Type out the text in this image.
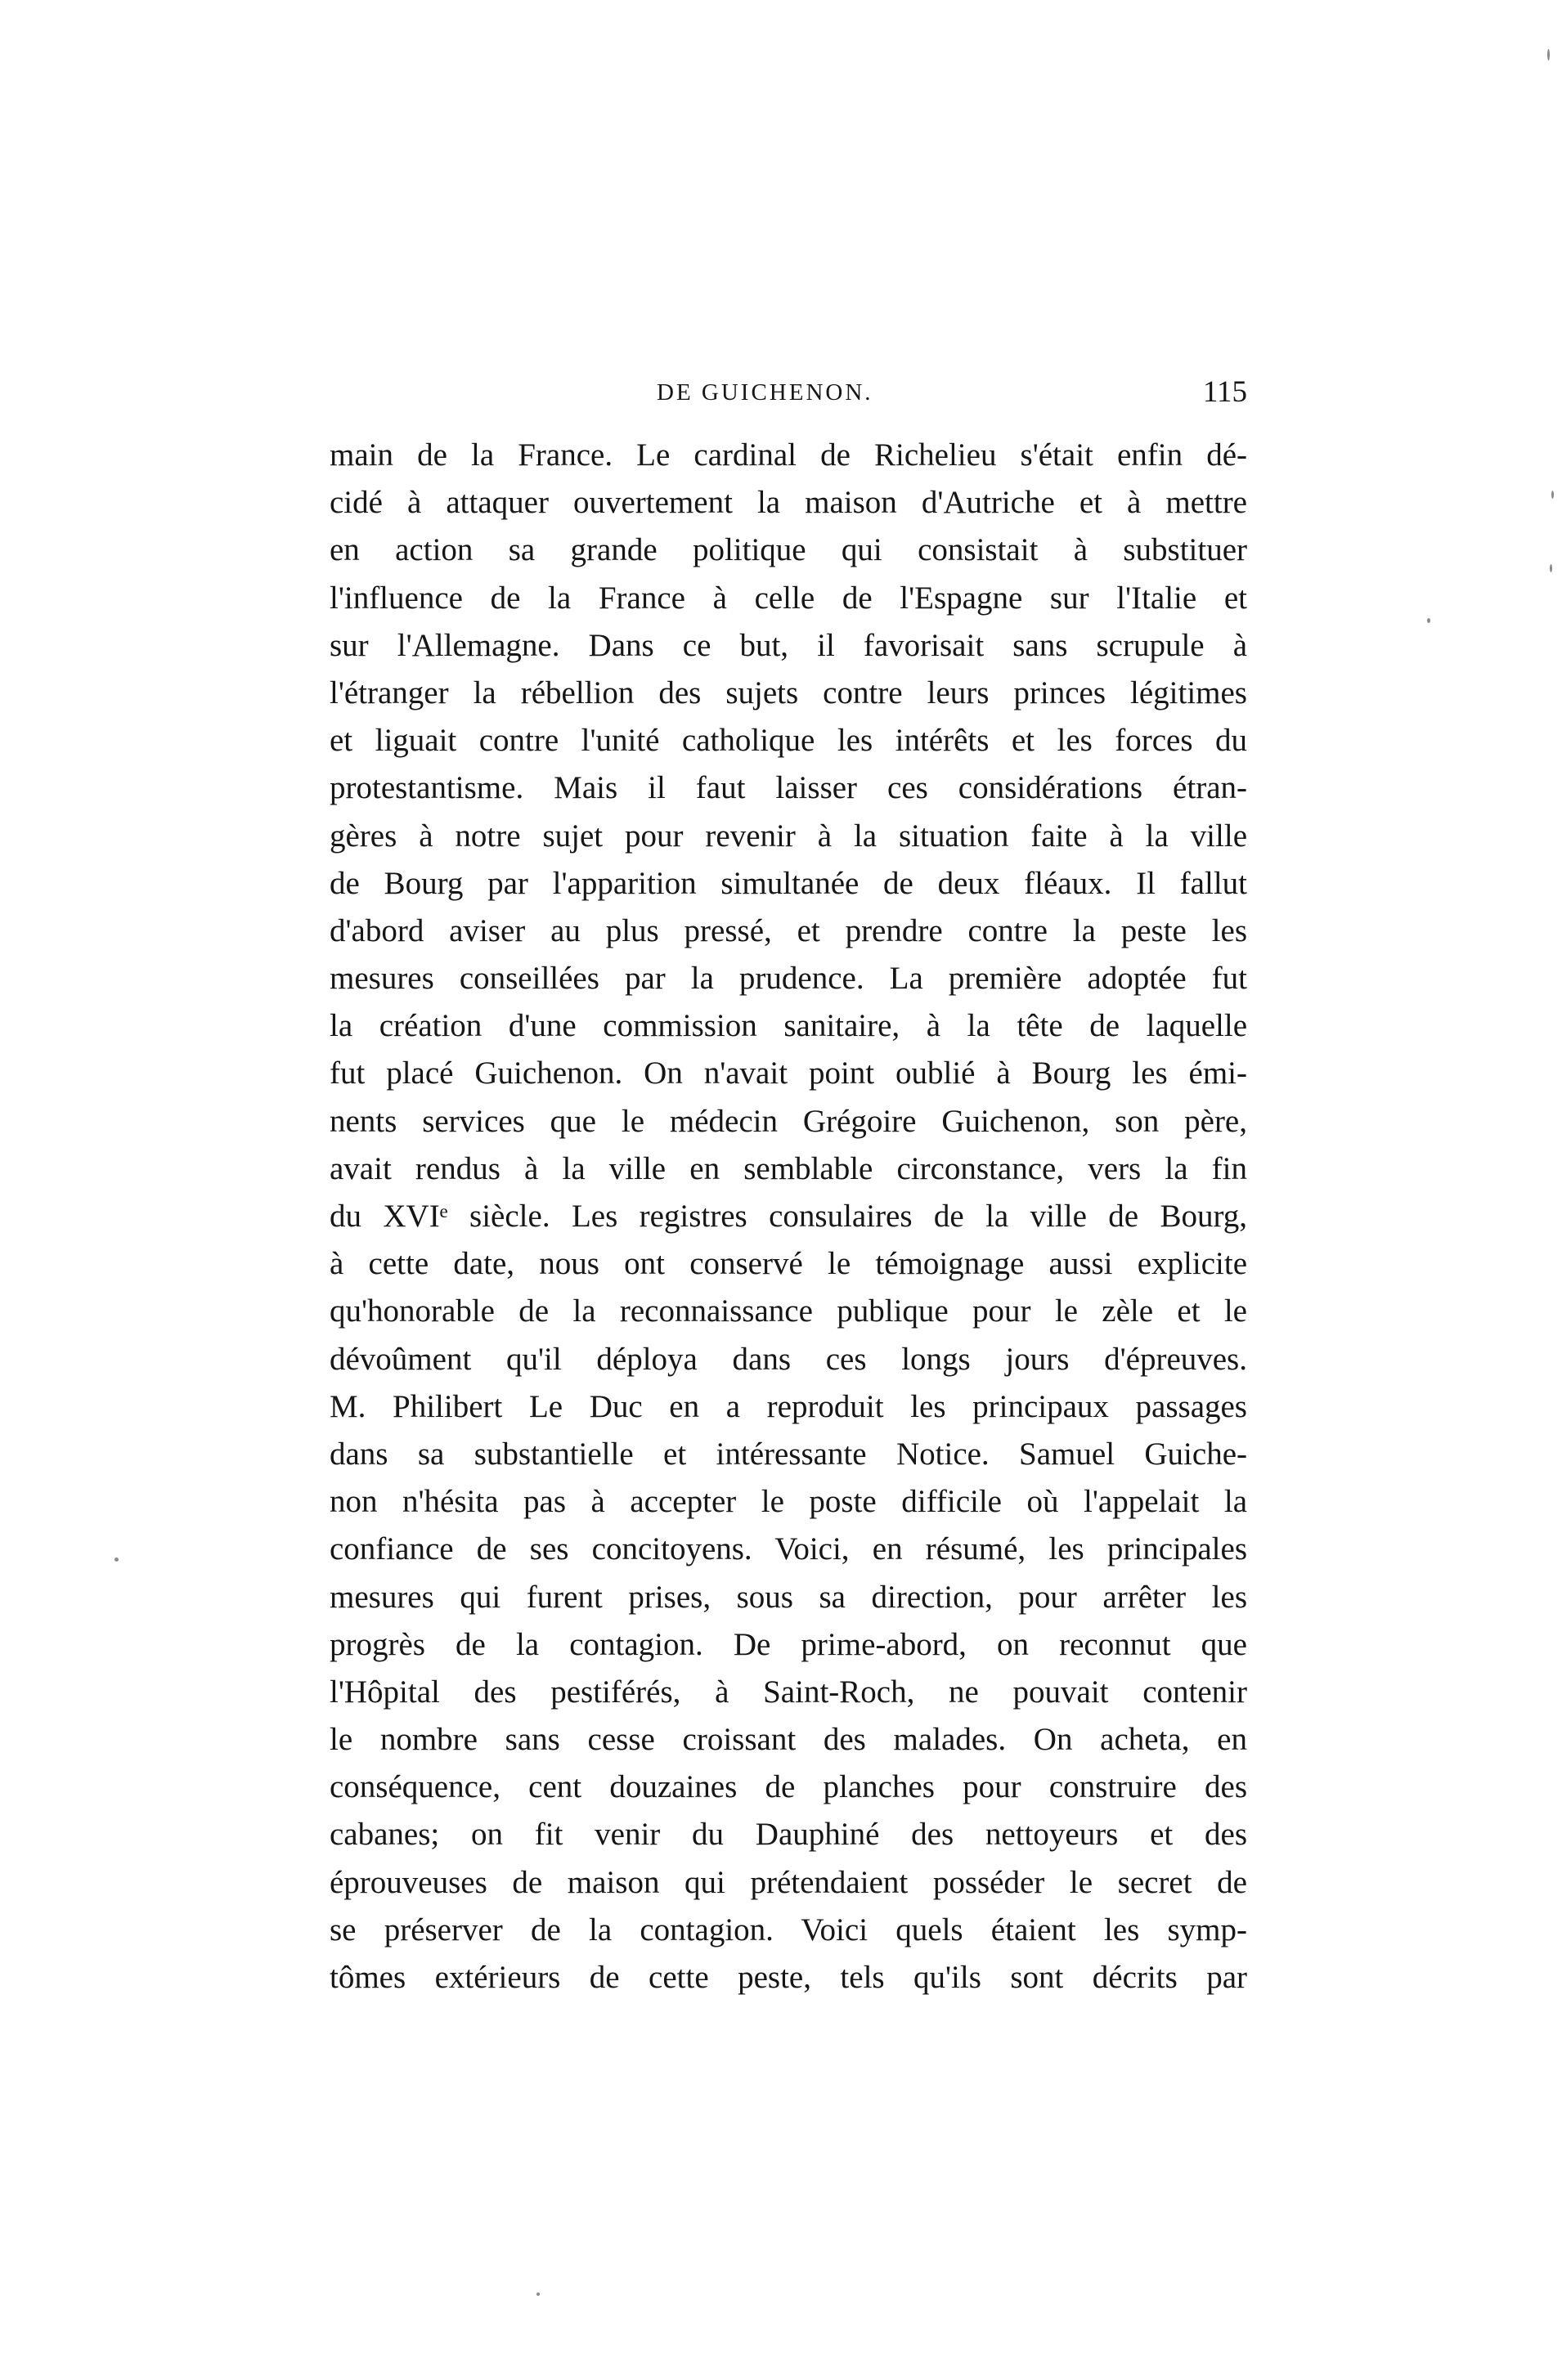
DE GUICHENON.	115
main de la France. Le cardinal de Richelieu s'était enfin dé-
cidé à attaquer ouvertement la maison d'Autriche et à mettre
en action sa grande politique qui consistait à substituer
l'influence de la France à celle de l'Espagne sur l'Italie et
sur l'Allemagne. Dans ce but, il favorisait sans scrupule à
l'étranger la rébellion des sujets contre leurs princes légitimes
et liguait contre l'unité catholique les intérêts et les forces du
protestantisme. Mais il faut laisser ces considérations étran-
gères à notre sujet pour revenir à la situation faite à la ville
de Bourg par l'apparition simultanée de deux fléaux. Il fallut
d'abord aviser au plus pressé, et prendre contre la peste les
mesures conseillées par la prudence. La première adoptée fut
la création d'une commission sanitaire, à la tête de laquelle
fut placé Guichenon. On n'avait point oublié à Bourg les émi-
nents services que le médecin Grégoire Guichenon, son père,
avait rendus à la ville en semblable circonstance, vers la fin
du XVIᵉ siècle. Les registres consulaires de la ville de Bourg,
à cette date, nous ont conservé le témoignage aussi explicite
qu'honorable de la reconnaissance publique pour le zèle et le
dévoûment qu'il déploya dans ces longs jours d'épreuves.
M. Philibert Le Duc en a reproduit les principaux passages
dans sa substantielle et intéressante Notice. Samuel Guiche-
non n'hésita pas à accepter le poste difficile où l'appelait la
confiance de ses concitoyens. Voici, en résumé, les principales
mesures qui furent prises, sous sa direction, pour arrêter les
progrès de la contagion. De prime-abord, on reconnut que
l'Hôpital des pestiférés, à Saint-Roch, ne pouvait contenir
le nombre sans cesse croissant des malades. On acheta, en
conséquence, cent douzaines de planches pour construire des
cabanes; on fit venir du Dauphiné des nettoyeurs et des
éprouveuses de maison qui prétendaient posséder le secret de
se préserver de la contagion. Voici quels étaient les symp-
tômes extérieurs de cette peste, tels qu'ils sont décrits par
